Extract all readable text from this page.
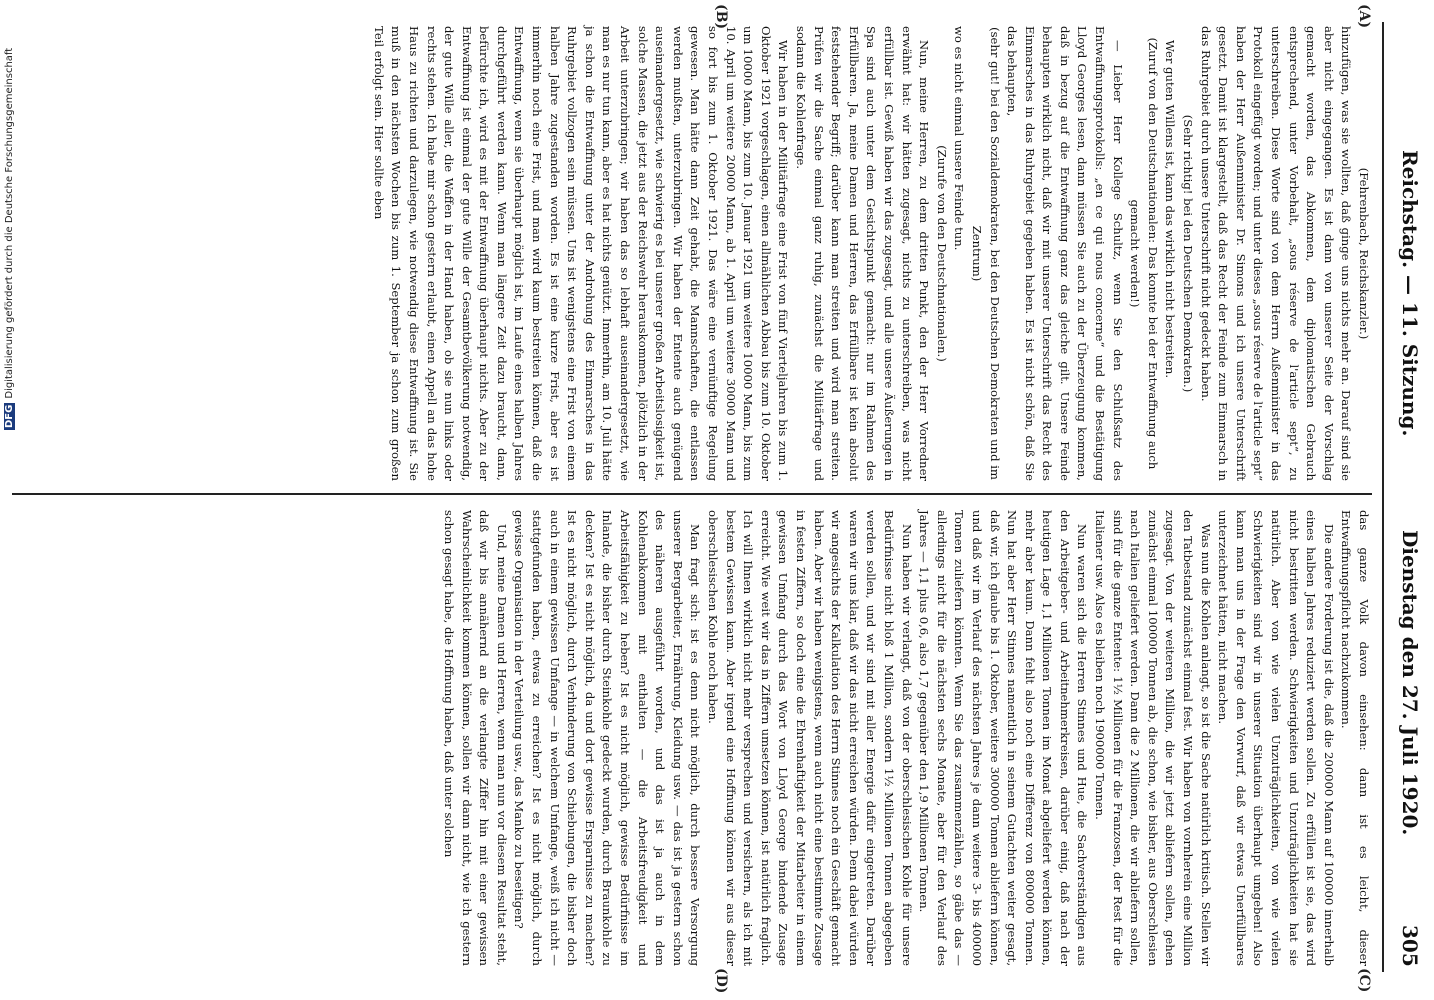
Reichstag. — 11. Sitzung.
Dienstag den 27. Juli 1920.
305
(A)
(B)
(C)
(D)

(Fehrenbach, Reichskanzler.)

hinzufügen, was sie wollten, daß ginge uns nichts mehr an. Darauf sind sie aber nicht eingegangen. Es ist dann von unserer Seite der Vorschlag gemacht worden, das Abkommen, dem diplomatischen Gebrauch entsprechend, unter Vorbehalt, „sous réserve de l'article sept“, zu unterschreiben. Diese Worte sind von dem Herrn Außenminister in das Protokoll eingefügt worden; und unter dieses „sous réserve de l'article sept“ haben der Herr Außenminister Dr. Simons und ich unsere Unterschrift gesetzt. Damit ist klargestellt, daß das Recht der Feinde zum Einmarsch in das Ruhrgebiet durch unsere Unterschrift nicht gedeckt haben.

(Sehr richtig! bei den Deutschen Demokraten.)

Wer guten Willens ist, kann das wirklich nicht bestreiten.

(Zuruf von den Deutschnationalen: Das konnte bei der Entwaffnung auch gemacht werden!)

— Lieber Herr Kollege Schultz, wenn Sie den Schlußsatz des Entwaffnungsprotokolls: „en ce qui nous concerne“ und die Bestätigung Lloyd Georges lesen, dann müssen Sie auch zu der Überzeugung kommen, daß in bezug auf die Entwaffnung ganz das gleiche gilt. Unsere Feinde behaupten wirklich nicht, daß wir mit unserer Unterschrift das Recht des Einmarsches in das Ruhrgebiet gegeben haben. Es ist nicht schön, daß Sie das behaupten,

(sehr gut! bei den Sozialdemokraten, bei den Deutschen Demokraten und im Zentrum)

wo es nicht einmal unsere Feinde tun.

(Zurufe von den Deutschnationalen.)

Nun, meine Herren, zu dem dritten Punkt, den der Herr Vorredner erwähnt hat: wir hätten zugesagt, nichts zu unterschreiben, was nicht erfüllbar ist. Gewiß haben wir das zugesagt, und alle unsere Äußerungen in Spa sind auch unter dem Gesichtspunkt gemacht: nur im Rahmen des Erfüllbaren. Ja, meine Damen und Herren, das Erfüllbare ist kein absolut feststehender Begriff; darüber kann man streiten und wird man streiten. Prüfen wir die Sache einmal ganz ruhig, zunächst die Militärfrage und sodann die Kohlenfrage.

Wir haben in der Militärfrage eine Frist von fünf Vierteljahren bis zum 1. Oktober 1921 vorgeschlagen, einen allmählichen Abbau bis zum 10. Oktober um 10000 Mann, bis zum 10. Januar 1921 um weitere 10000 Mann, bis zum 10. April um weitere 20000 Mann, ab 1. April um weitere 30000 Mann und so fort bis zum 1. Oktober 1921. Das wäre eine vernünftige Regelung gewesen. Man hätte dann Zeit gehabt, die Mannschaften, die entlassen werden mußten, unterzubringen. Wir haben der Entente auch genügend auseinandergesetzt, wie schwierig es bei unserer großen Arbeitslosigkeit ist, solche Massen, die jetzt aus der Reichswehr herauskommen, plötzlich in der Arbeit unterzubringen; wir haben das so lebhaft auseinandergesetzt, wie man es nur tun kann, aber es hat nichts genützt. Immerhin, am 10. Juli hätte ja schon die Entwaffnung unter der Androhung des Einmarsches in das Ruhrgebiet vollzogen sein müssen. Uns ist wenigstens eine Frist von einem halben Jahre zugestanden worden. Es ist eine kurze Frist, aber es ist immerhin noch eine Frist, und man wird kaum bestreiten können, daß die Entwaffnung, wenn sie überhaupt möglich ist, im Laufe eines halben Jahres durchgeführt werden kann. Wenn man längere Zeit dazu braucht, dann, befürchte ich, wird es mit der Entwaffnung überhaupt nichts. Aber zu der Entwaffnung ist einmal der gute Wille der Gesamtbevölkerung notwendig, der gute Wille aller, die Waffen in der Hand haben, ob sie nun links oder rechts stehen. Ich habe mir schon gestern erlaubt, einen Appell an das hohe Haus zu richten und darzulegen, wie notwendig diese Entwaffnung ist. Sie muß in den nächsten Wochen bis zum 1. September ja schon zum großen Teil erfolgt sein. Hier sollte eben

das ganze Volk davon einsehen: dann ist es leicht, dieser Entwaffnungspflicht nachzukommen.

Die andere Forderung ist die, daß die 200000 Mann auf 100000 innerhalb eines halben Jahres reduziert werden sollen. Zu erfüllen ist sie, das wird nicht bestritten werden. Schwierigkeiten und Unzuträglichkeiten hat sie natürlich. Aber von wie vielen Unzuträglichkeiten, von wie vielen Schwierigkeiten sind wir in unserer Situation überhaupt umgeben! Also kann man uns in der Frage den Vorwurf, daß wir etwas Unerfüllbares unterzeichnet hätten, nicht machen.

Was nun die Kohlen anlangt, so ist die Sache natürlich kritisch. Stellen wir den Tatbestand zunächst einmal fest. Wir haben von vornherein eine Million zugesagt. Von der weiteren Million, die wir jetzt abliefern sollen, gehen zunächst einmal 100000 Tonnen ab, die schon, wie bisher, aus Oberschlesien nach Italien geliefert werden. Dann die 2 Millionen, die wir abliefern sollen, sind für die ganze Entente: 1½ Millionen für die Franzosen, der Rest für die Italiener usw. Also es bleiben noch 1900000 Tonnen.

Nun waren sich die Herren Stinnes und Hue, die Sachverständigen aus den Arbeitgeber- und Arbeitnehmerkreisen, darüber einig, daß nach der heutigen Lage 1,1 Millionen Tonnen im Monat abgeliefert werden können, mehr aber kaum. Dann fehlt also noch eine Differenz von 800000 Tonnen. Nun hat aber Herr Stinnes namentlich in seinem Gutachten weiter gesagt, daß wir, ich glaube bis 1. Oktober, weitere 300000 Tonnen abliefern können, und daß wir im Verlauf des nächsten Jahres je dann weitere 3- bis 400000 Tonnen zuliefern könnten. Wenn Sie das zusammenzählen, so gäbe das — allerdings nicht für die nächsten sechs Monate, aber für den Verlauf des Jahres — 1,1 plus 0,6, also 1,7 gegenüber den 1,9 Millionen Tonnen.

Nun haben wir verlangt, daß von der oberschlesischen Kohle für unsere Bedürfnisse nicht bloß 1 Million, sondern 1½ Millionen Tonnen abgegeben werden sollen, und wir sind mit aller Energie dafür eingetreten. Darüber waren wir uns klar, daß wir das nicht erreichen würden. Denn dabei würden wir angesichts der Kalkulation des Herrn Stinnes noch ein Geschäft gemacht haben. Aber wir haben wenigstens, wenn auch nicht eine bestimmte Zusage in festen Ziffern, so doch eine die Ehrenhaftigkeit der Mitarbeiter in einem gewissen Umfang durch das Wort von Lloyd George bindende Zusage erreicht. Wie weit wir das in Ziffern umsetzen können, ist natürlich fraglich. Ich will Ihnen wirklich nicht mehr versprechen und versichern, als ich mit bestem Gewissen kann. Aber irgend eine Hoffnung können wir aus dieser oberschlesischen Kohle noch haben.

Man fragt sich: ist es denn nicht möglich, durch bessere Versorgung unserer Bergarbeiter, Ernährung, Kleidung usw. — das ist ja gestern schon des näheren ausgeführt worden, und das ist ja auch in dem Kohlenabkommen mit enthalten — die Arbeitsfreudigkeit und Arbeitsfähigkeit zu heben? Ist es nicht möglich, gewisse Bedürfnisse im Inlande, die bisher durch Steinkohle gedeckt wurden, durch Braunkohle zu decken? Ist es nicht möglich, da und dort gewisse Ersparnisse zu machen? Ist es nicht möglich, durch Verhinderung von Schiebungen, die bisher doch auch in einem gewissen Umfange — in welchem Umfange, weiß ich nicht — stattgefunden haben, etwas zu erreichen? Ist es nicht möglich, durch gewisse Organisation in der Verteilung usw., das Manko zu beseitigen?

Und, meine Damen und Herren, wenn man nun vor diesem Resultat steht, daß wir bis annähernd an die verlangte Ziffer hin mit einer gewissen Wahrscheinlichkeit kommen können, sollen wir dann nicht, wie ich gestern schon gesagt habe, die Hoffnung haben, daß unter solchen

DFGDigitalisierung gefördert durch die Deutsche Forschungsgemeinschaft
